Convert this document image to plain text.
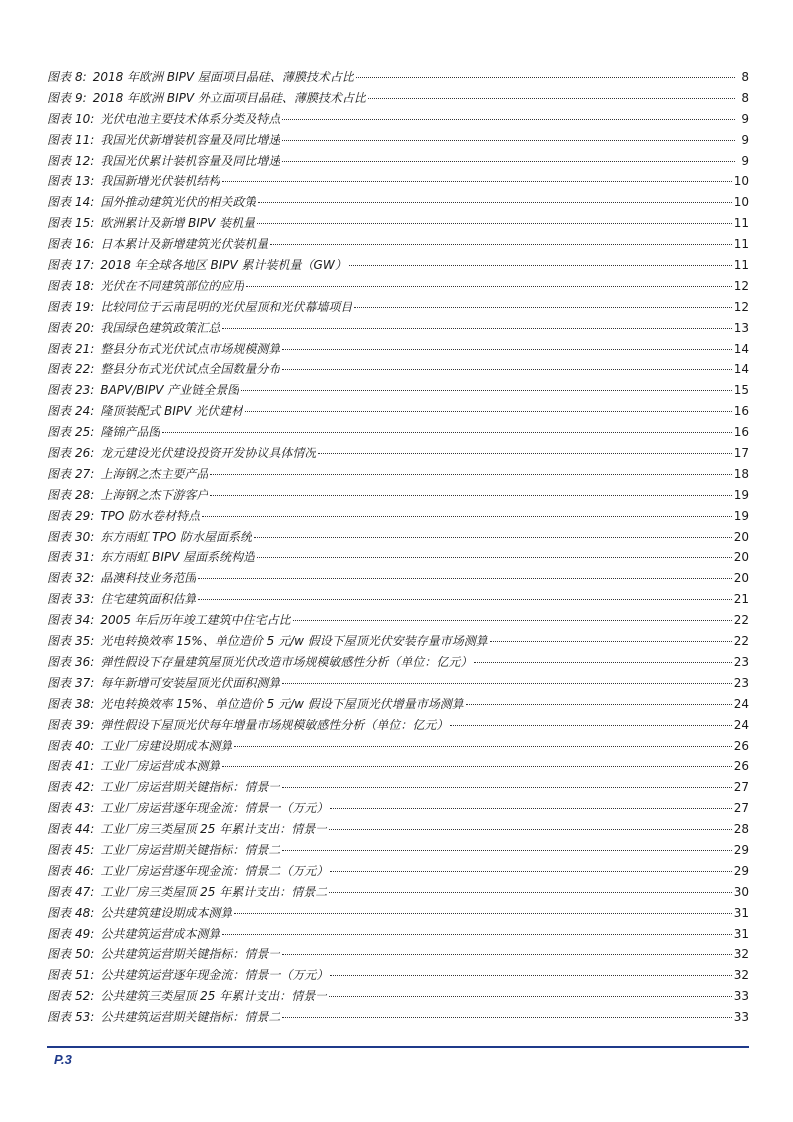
图表 8: 2018 年欧洲 BIPV 屋面项目晶硅、薄膜技术占比	8
图表 9: 2018 年欧洲 BIPV 外立面项目晶硅、薄膜技术占比	8
图表 10: 光伏电池主要技术体系分类及特点	9
图表 11: 我国光伏新增装机容量及同比增速	9
图表 12: 我国光伏累计装机容量及同比增速	9
图表 13: 我国新增光伏装机结构	10
图表 14: 国外推动建筑光伏的相关政策	10
图表 15: 欧洲累计及新增 BIPV 装机量	11
图表 16: 日本累计及新增建筑光伏装机量	11
图表 17: 2018 年全球各地区 BIPV 累计装机量（GW）	11
图表 18: 光伏在不同建筑部位的应用	12
图表 19: 比较同位于云南昆明的光伏屋顶和光伏幕墙项目	12
图表 20: 我国绿色建筑政策汇总	13
图表 21: 整县分布式光伏试点市场规模测算	14
图表 22: 整县分布式光伏试点全国数量分布	14
图表 23: BAPV/BIPV 产业链全景图	15
图表 24: 隆顶装配式 BIPV 光伏建材	16
图表 25: 隆锦产品图	16
图表 26: 龙元建设光伏建设投资开发协议具体情况	17
图表 27: 上海钢之杰主要产品	18
图表 28: 上海钢之杰下游客户	19
图表 29: TPO 防水卷材特点	19
图表 30: 东方雨虹 TPO 防水屋面系统	20
图表 31: 东方雨虹 BIPV 屋面系统构造	20
图表 32: 晶澳科技业务范围	20
图表 33: 住宅建筑面积估算	21
图表 34: 2005 年后历年竣工建筑中住宅占比	22
图表 35: 光电转换效率 15%、单位造价 5 元/w 假设下屋顶光伏安装存量市场测算	22
图表 36: 弹性假设下存量建筑屋顶光伏改造市场规模敏感性分析（单位：亿元）	23
图表 37: 每年新增可安装屋顶光伏面积测算	23
图表 38: 光电转换效率 15%、单位造价 5 元/w 假设下屋顶光伏增量市场测算	24
图表 39: 弹性假设下屋顶光伏每年增量市场规模敏感性分析（单位：亿元）	24
图表 40: 工业厂房建设期成本测算	26
图表 41: 工业厂房运营成本测算	26
图表 42: 工业厂房运营期关键指标：情景一	27
图表 43: 工业厂房运营逐年现金流：情景一（万元）	27
图表 44: 工业厂房三类屋顶 25 年累计支出：情景一	28
图表 45: 工业厂房运营期关键指标：情景二	29
图表 46: 工业厂房运营逐年现金流：情景二（万元）	29
图表 47: 工业厂房三类屋顶 25 年累计支出：情景二	30
图表 48: 公共建筑建设期成本测算	31
图表 49: 公共建筑运营成本测算	31
图表 50: 公共建筑运营期关键指标：情景一	32
图表 51: 公共建筑运营逐年现金流：情景一（万元）	32
图表 52: 公共建筑三类屋顶 25 年累计支出：情景一	33
图表 53: 公共建筑运营期关键指标：情景二	33
P.3
